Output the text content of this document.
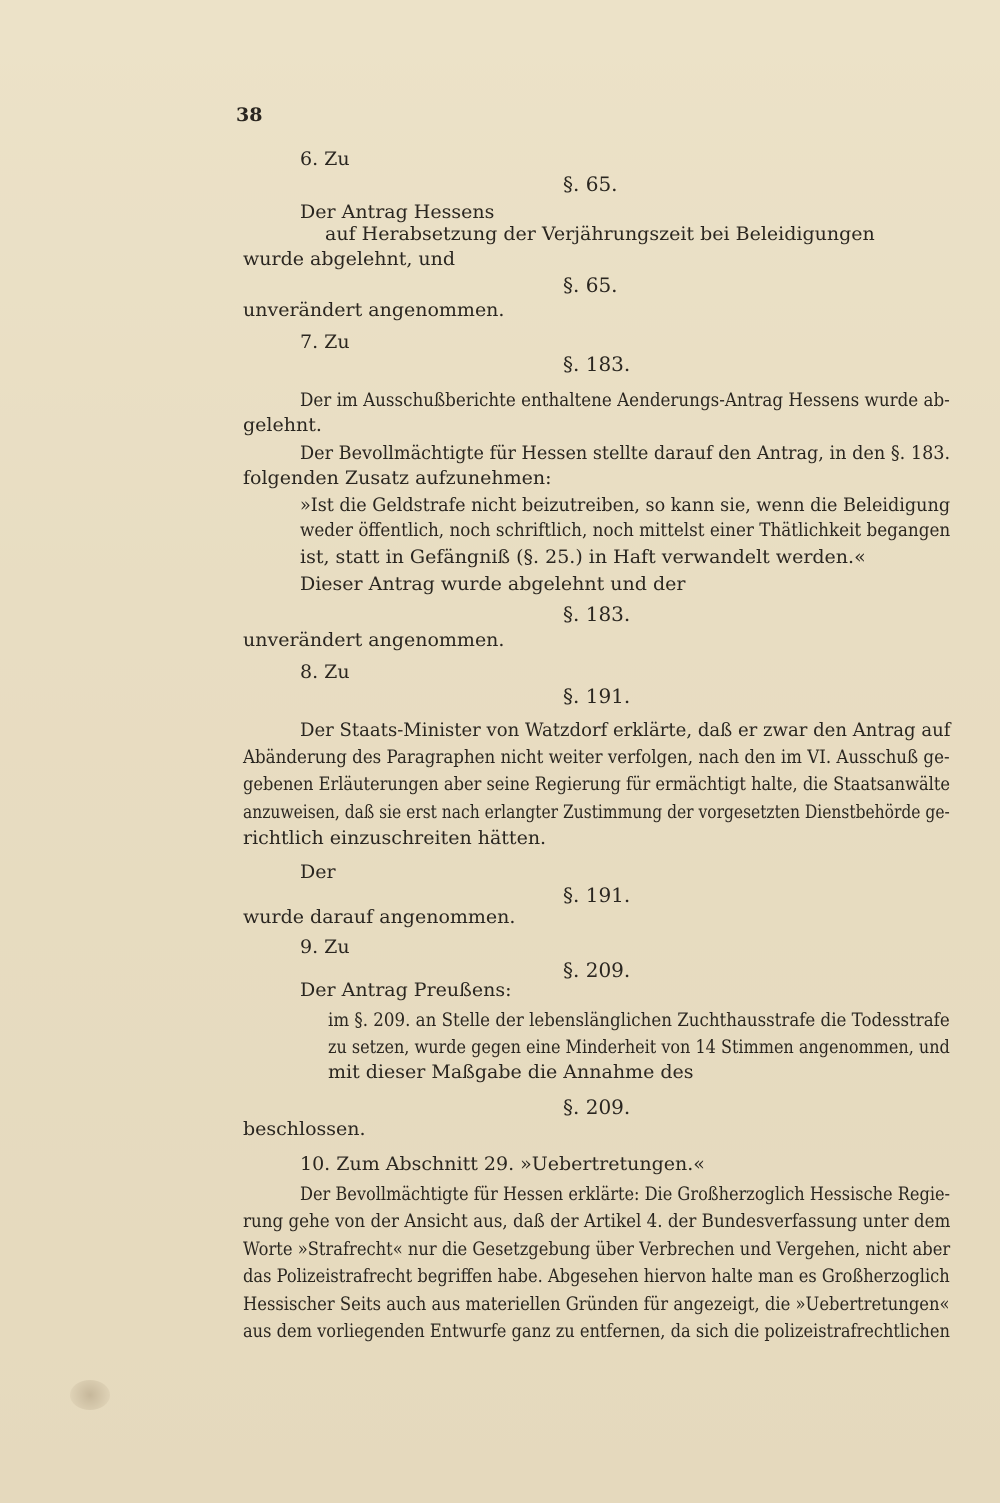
38
6. Zu
§. 65.
Der Antrag Hessens
auf Herabsetzung der Verjährungszeit bei Beleidigungen
wurde abgelehnt, und
§. 65.
unverändert angenommen.
7. Zu
§. 183.
Der im Ausschußberichte enthaltene Aenderungs-Antrag Hessens wurde ab-
gelehnt.
Der Bevollmächtigte für Hessen stellte darauf den Antrag, in den §. 183.
folgenden Zusatz aufzunehmen:
»Ist die Geldstrafe nicht beizutreiben, so kann sie, wenn die Beleidigung
weder öffentlich, noch schriftlich, noch mittelst einer Thätlichkeit begangen
ist, statt in Gefängniß (§. 25.) in Haft verwandelt werden.«
Dieser Antrag wurde abgelehnt und der
§. 183.
unverändert angenommen.
8. Zu
§. 191.
Der Staats-Minister von Watzdorf erklärte, daß er zwar den Antrag auf
Abänderung des Paragraphen nicht weiter verfolgen, nach den im VI. Ausschuß ge-
gebenen Erläuterungen aber seine Regierung für ermächtigt halte, die Staatsanwälte
anzuweisen, daß sie erst nach erlangter Zustimmung der vorgesetzten Dienstbehörde ge-
richtlich einzuschreiten hätten.
Der
§. 191.
wurde darauf angenommen.
9. Zu
§. 209.
Der Antrag Preußens:
im §. 209. an Stelle der lebenslänglichen Zuchthausstrafe die Todesstrafe
zu setzen, wurde gegen eine Minderheit von 14 Stimmen angenommen, und
mit dieser Maßgabe die Annahme des
§. 209.
beschlossen.
10. Zum Abschnitt 29. »Uebertretungen.«
Der Bevollmächtigte für Hessen erklärte: Die Großherzoglich Hessische Regie-
rung gehe von der Ansicht aus, daß der Artikel 4. der Bundesverfassung unter dem
Worte »Strafrecht« nur die Gesetzgebung über Verbrechen und Vergehen, nicht aber
das Polizeistrafrecht begriffen habe. Abgesehen hiervon halte man es Großherzoglich
Hessischer Seits auch aus materiellen Gründen für angezeigt, die »Uebertretungen«
aus dem vorliegenden Entwurfe ganz zu entfernen, da sich die polizeistrafrechtlichen
